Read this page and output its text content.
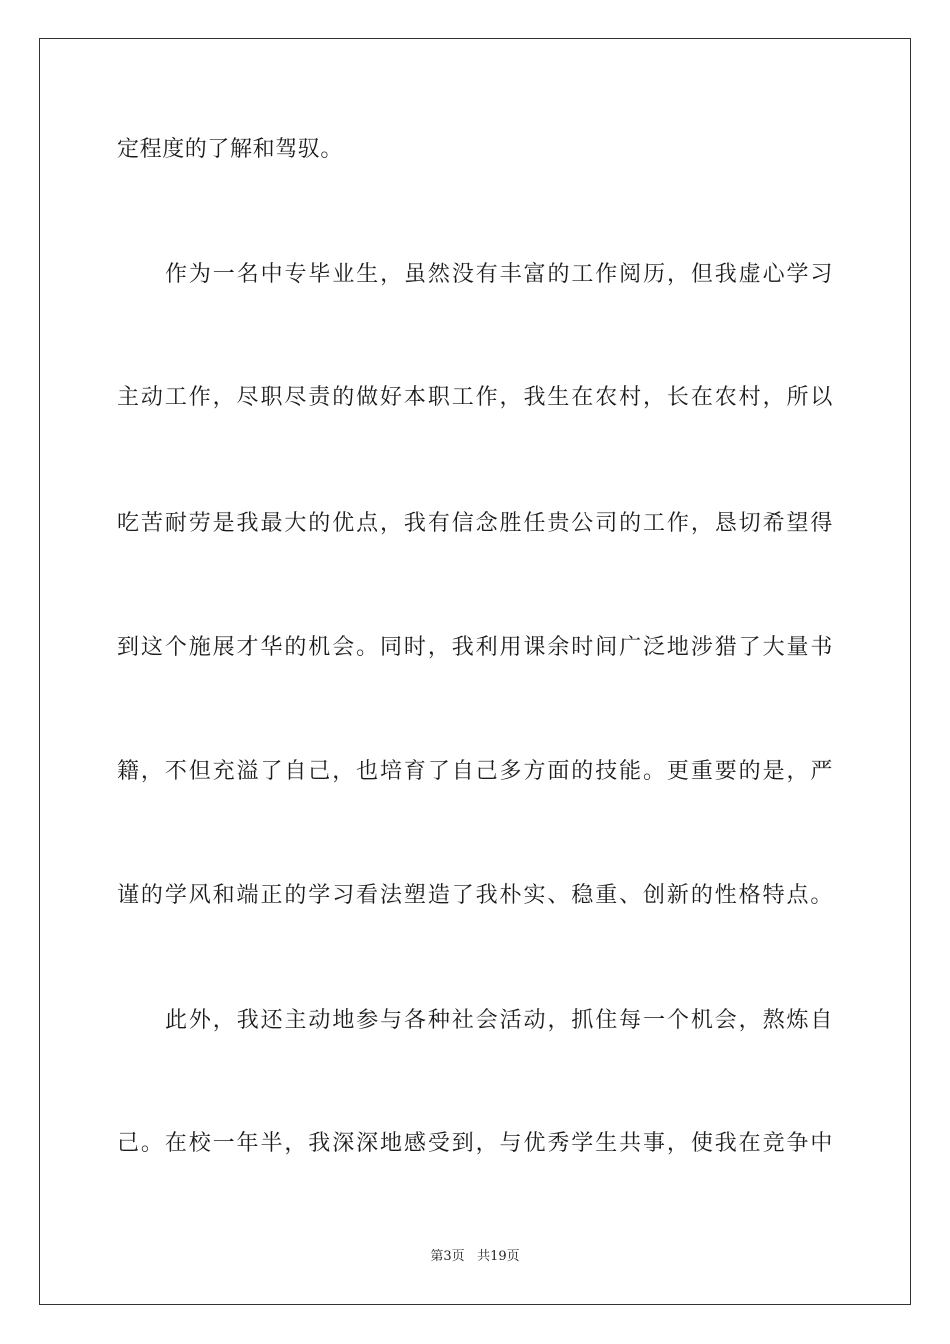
定程度的了解和驾驭。
作为一名中专毕业生，虽然没有丰富的工作阅历，但我虚心学习
主动工作，尽职尽责的做好本职工作，我生在农村，长在农村，所以
吃苦耐劳是我最大的优点，我有信念胜任贵公司的工作，恳切希望得
到这个施展才华的机会。同时，我利用课余时间广泛地涉猎了大量书
籍，不但充溢了自己，也培育了自己多方面的技能。更重要的是，严
谨的学风和端正的学习看法塑造了我朴实、稳重、创新的性格特点。
此外，我还主动地参与各种社会活动，抓住每一个机会，熬炼自
己。在校一年半，我深深地感受到，与优秀学生共事，使我在竞争中
第3页 共19页
